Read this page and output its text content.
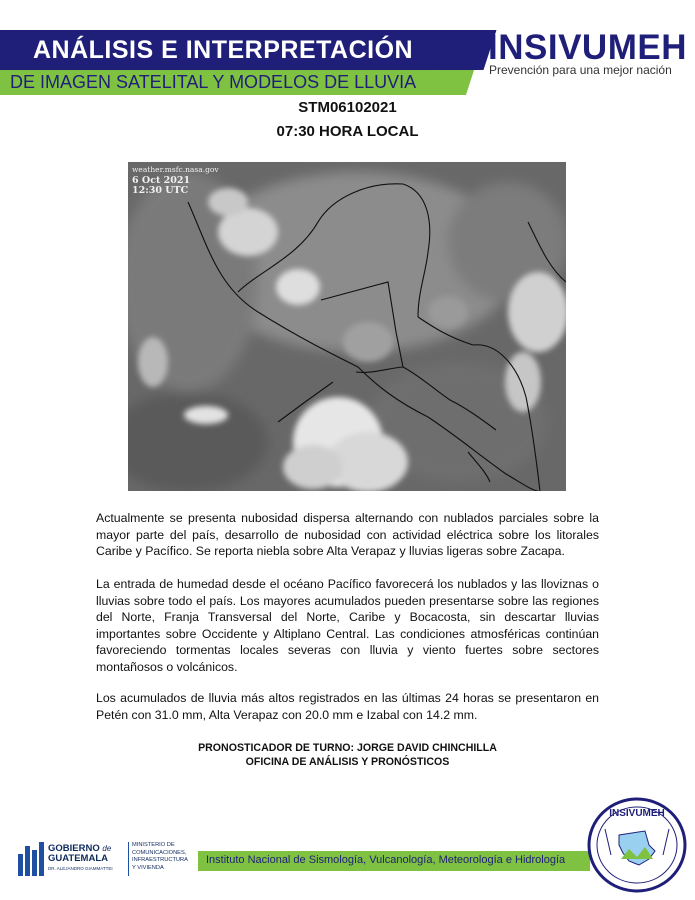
ANÁLISIS E INTERPRETACIÓN
DE IMAGEN SATELITAL Y MODELOS DE LLUVIA
INSIVUMEH
Prevención para una mejor nación
STM06102021
07:30 HORA LOCAL
weather.msfc.nasa.gov
6 Oct 2021
12:30 UTC

Actualmente se presenta nubosidad dispersa alternando con nublados parciales sobre la mayor parte del país, desarrollo de nubosidad con actividad eléctrica sobre los litorales Caribe y Pacífico. Se reporta niebla sobre Alta Verapaz y lluvias ligeras sobre Zacapa.

La entrada de humedad desde el océano Pacífico favorecerá los nublados y las lloviznas o lluvias sobre todo el país. Los mayores acumulados pueden presentarse sobre las regiones del Norte, Franja Transversal del Norte, Caribe y Bocacosta, sin descartar lluvias importantes sobre Occidente y Altiplano Central. Las condiciones atmosféricas continúan favoreciendo tormentas locales severas con lluvia y viento fuertes sobre sectores montañosos o volcánicos.

Los acumulados de lluvia más altos registrados en las últimas 24 horas se presentaron en Petén con 31.0 mm, Alta Verapaz con 20.0 mm e Izabal con 14.2 mm.

PRONOSTICADOR DE TURNO: JORGE DAVID CHINCHILLA
OFICINA DE ANÁLISIS Y PRONÓSTICOS
GOBIERNO de
GUATEMALA
DR. ALEJANDRO GIAMMATTEI
MINISTERIO DE
COMUNICACIONES,
INFRAESTRUCTURA
Y VIVIENDA
Instituto Nacional de Sismología, Vulcanología, Meteorología e Hidrología
INSIVUMEH
